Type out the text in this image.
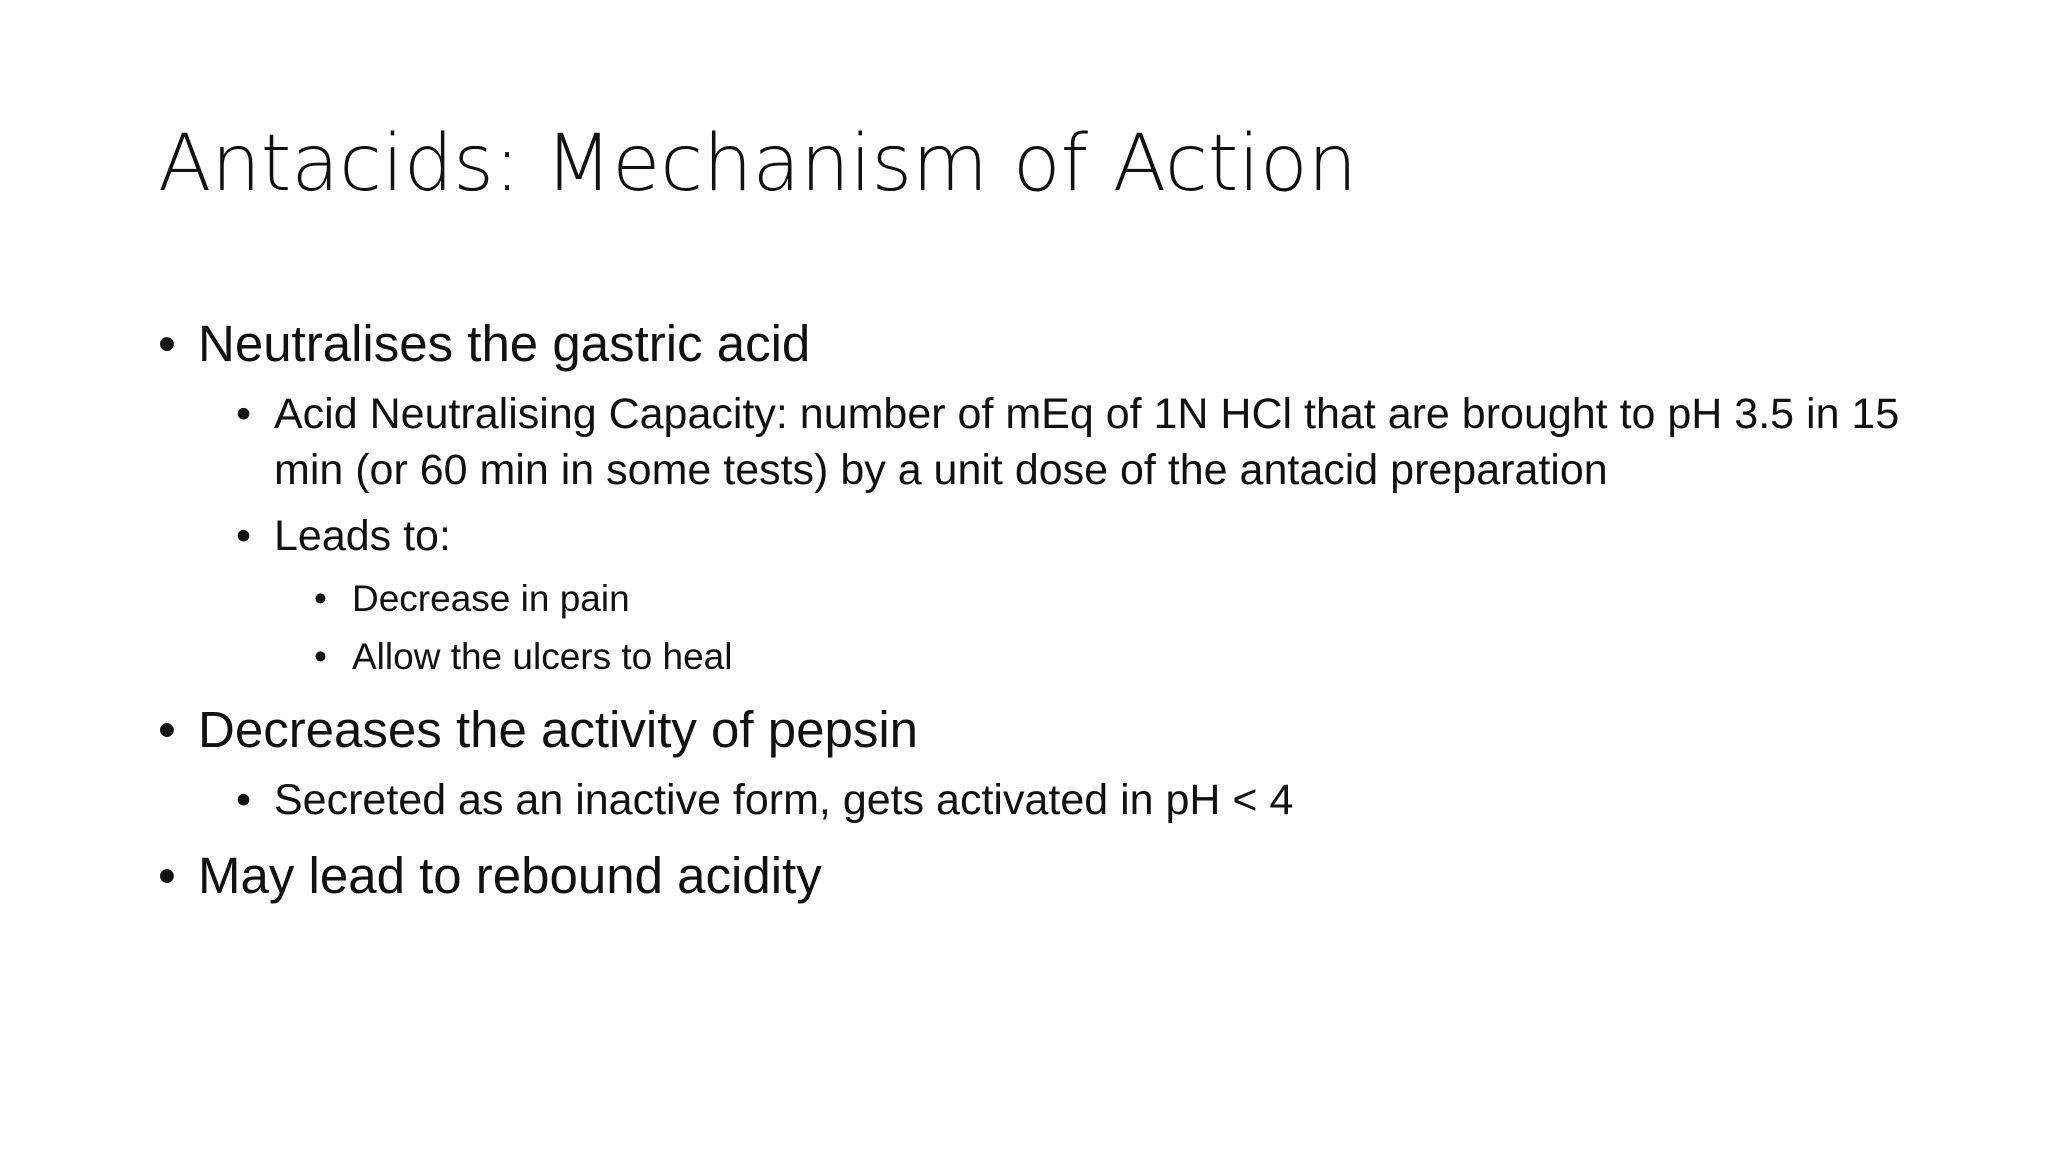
Antacids: Mechanism of Action
• Neutralises the gastric acid
• Acid Neutralising Capacity: number of mEq of 1N HCl that are brought to pH 3.5 in 15 min (or 60 min in some tests) by a unit dose of the antacid preparation
• Leads to:
• Decrease in pain
• Allow the ulcers to heal
• Decreases the activity of pepsin
• Secreted as an inactive form, gets activated in pH < 4
• May lead to rebound acidity
